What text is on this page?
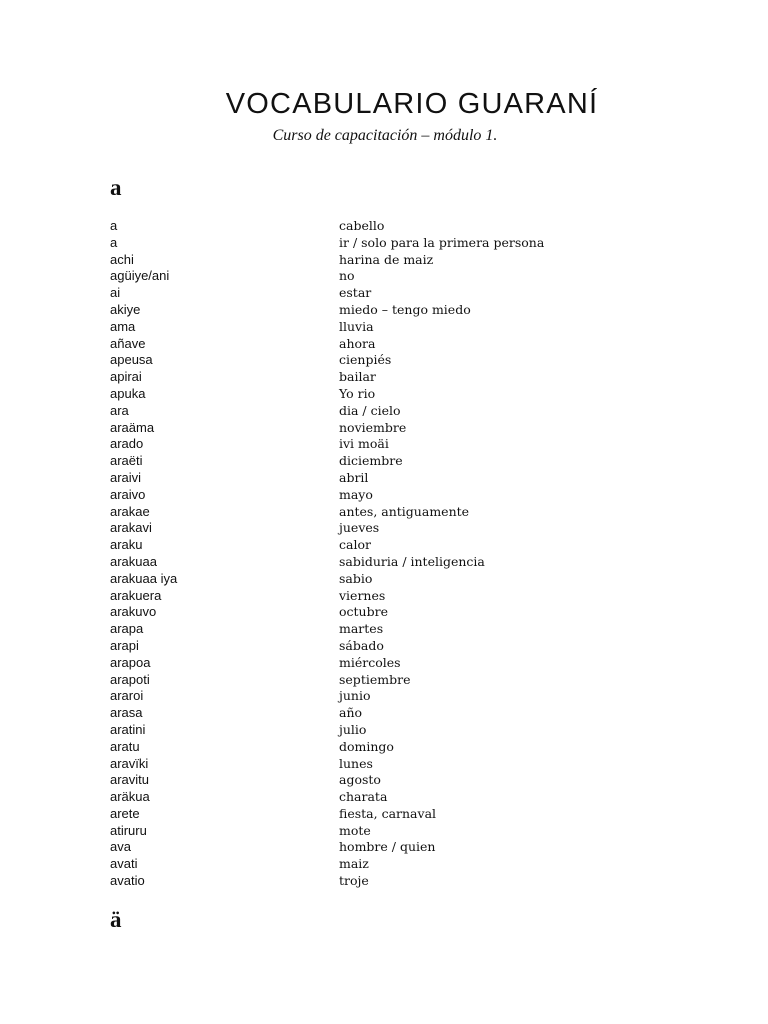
VOCABULARIO GUARANÍ
Curso de capacitación – módulo 1.
a
a	cabello
a	ir / solo para la primera persona
achi	harina de maiz
agüiye/ani	no
ai	estar
akiye	miedo – tengo miedo
ama	lluvia
añave	ahora
apeusa	cienpiés
apirai	bailar
apuka	Yo rio
ara	dia / cielo
araäma	noviembre
arado	ivi moäi
araëti	diciembre
araivi	abril
araivo	mayo
arakae	antes, antiguamente
arakavi	jueves
araku	calor
arakuaa	sabiduria / inteligencia
arakuaa iya	sabio
arakuera	viernes
arakuvo	octubre
arapa	martes
arapi	sábado
arapoa	miércoles
arapoti	septiembre
araroi	junio
arasa	año
aratini	julio
aratu	domingo
aravïki	lunes
aravitu	agosto
aräkua	charata
arete	fiesta, carnaval
atiruru	mote
ava	hombre / quien
avati	maiz
avatio	troje
ä
